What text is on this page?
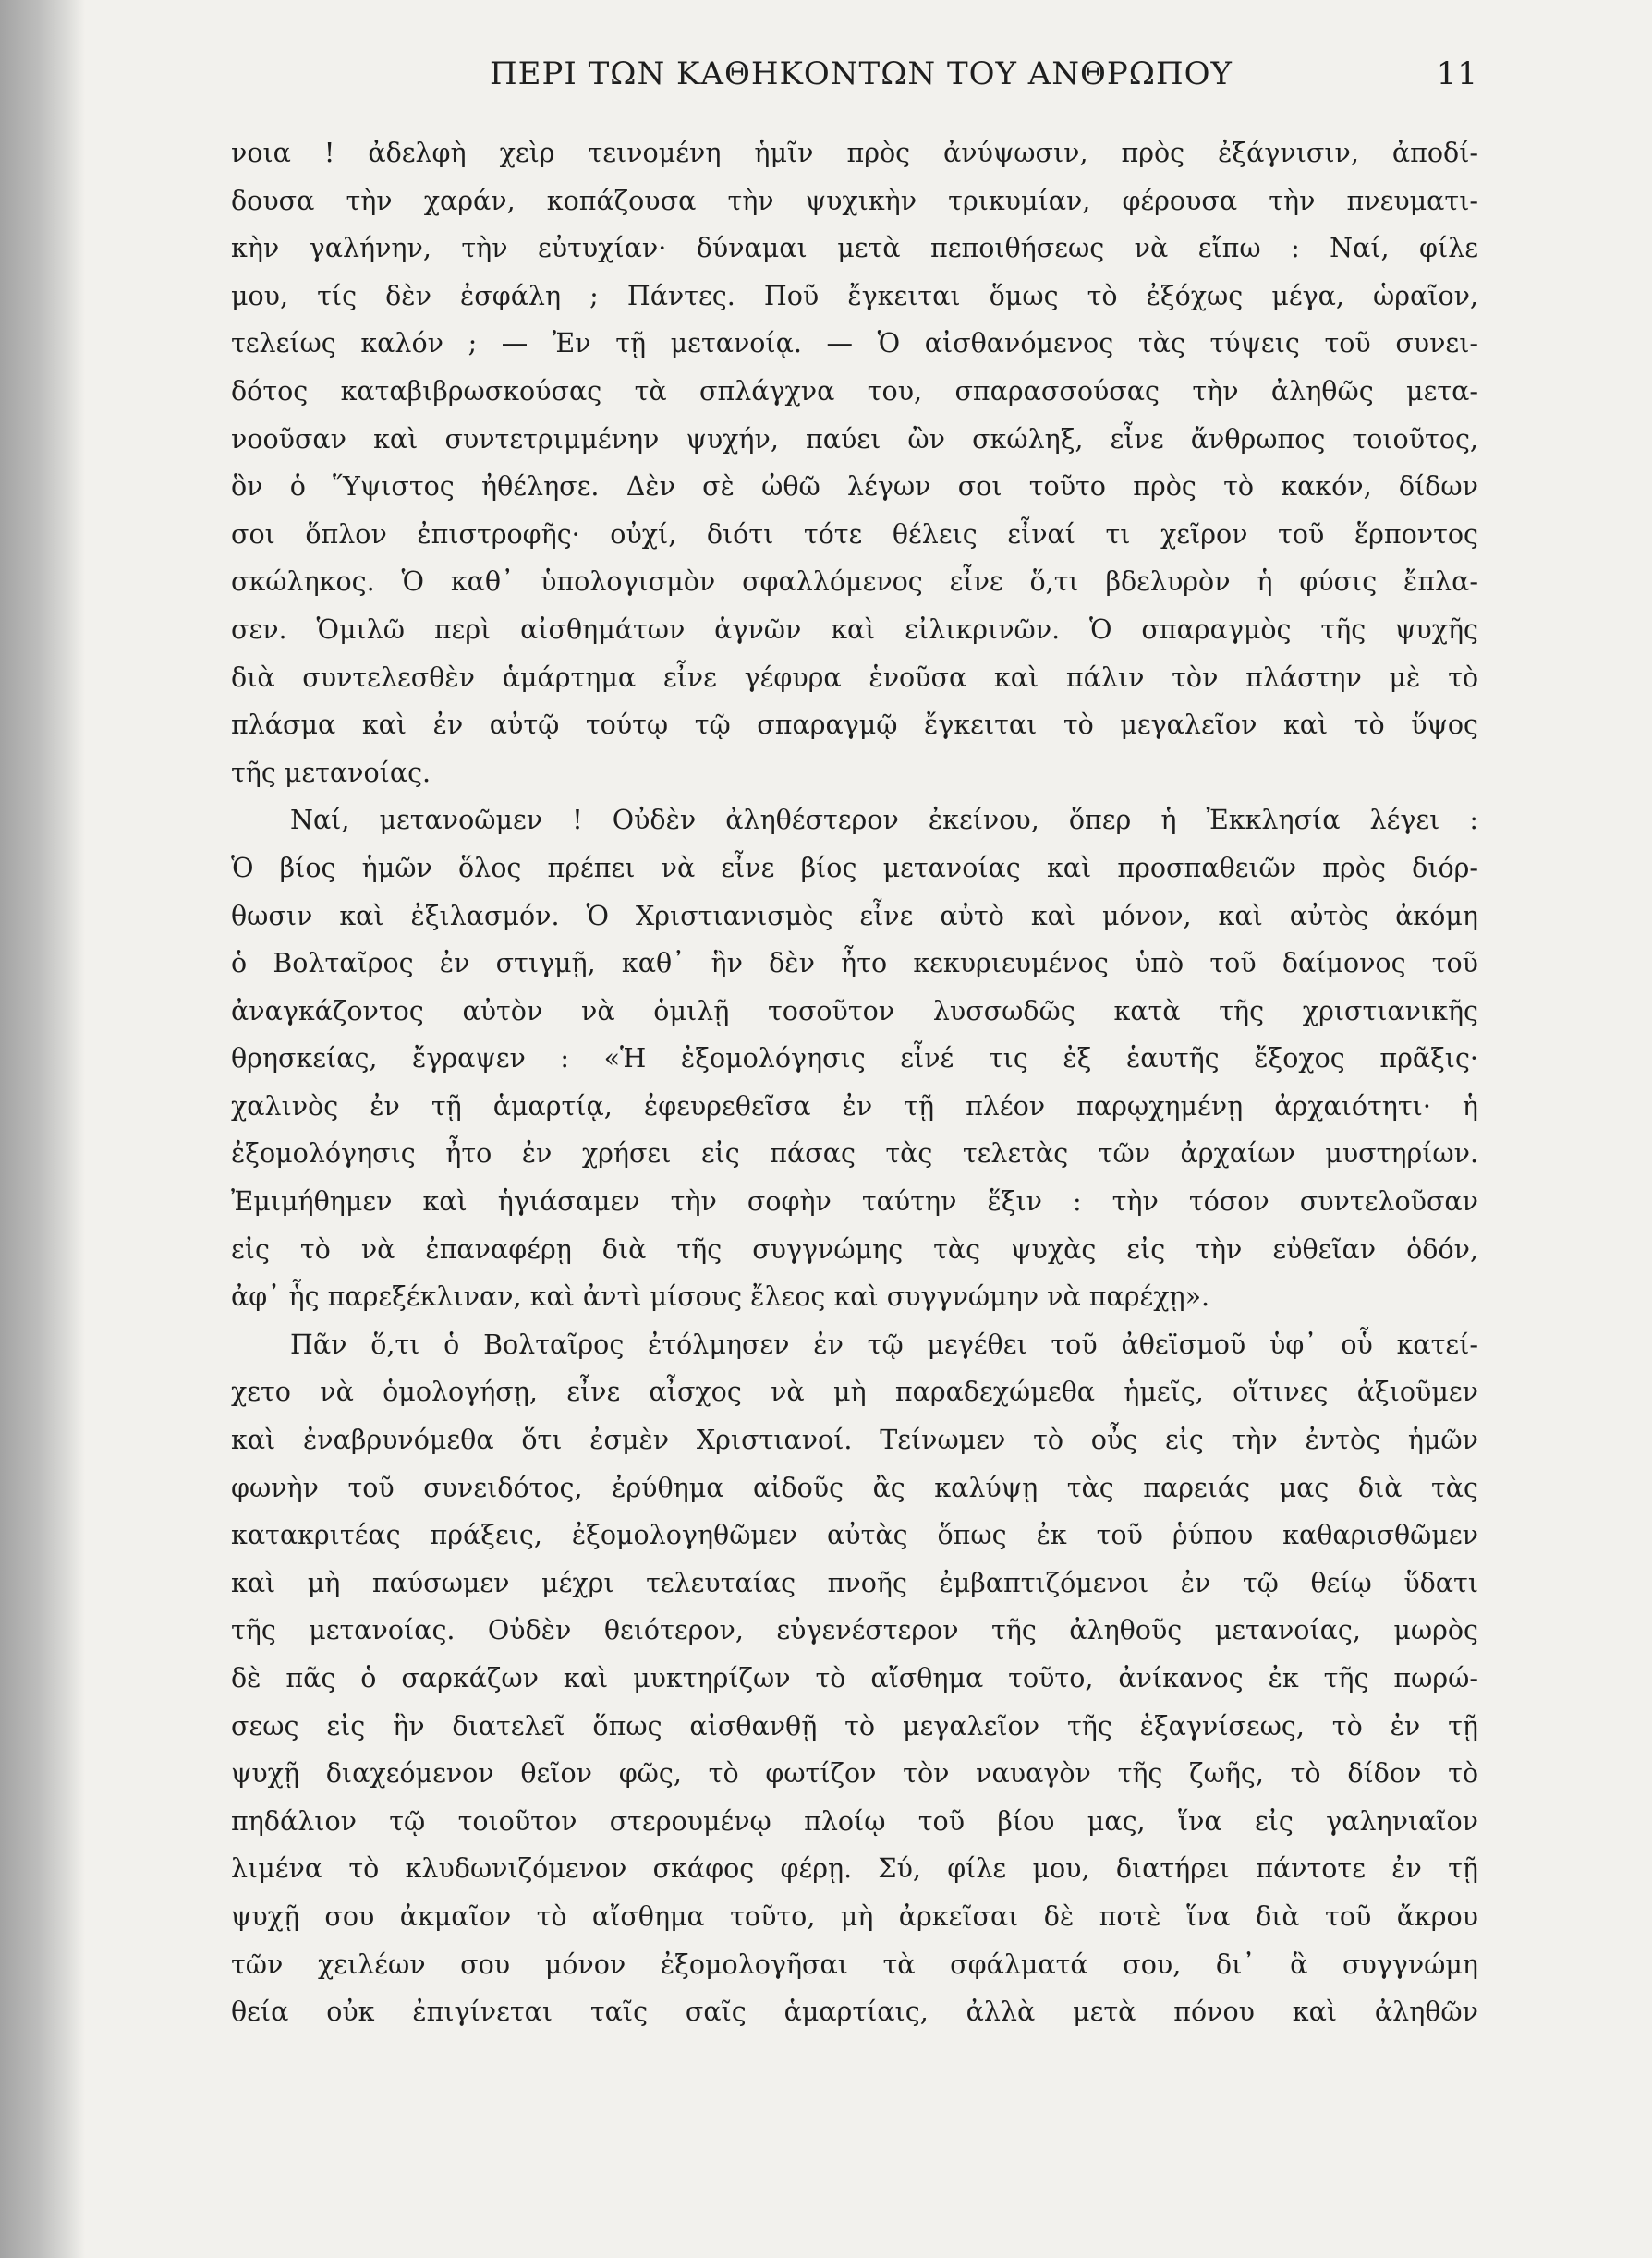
ΠΕΡΙ ΤΩΝ ΚΑΘΗΚΟΝΤΩΝ ΤΟΥ ΑΝΘΡΩΠΟΥ	11
νοια ! ἀδελφὴ χεὶρ τεινομένη ἡμῖν πρὸς ἀνύψωσιν, πρὸς ἐξάγνισιν, ἀποδί-
δουσα τὴν χαράν, κοπάζουσα τὴν ψυχικὴν τρικυμίαν, φέρουσα τὴν πνευματι-
κὴν γαλήνην, τὴν εὐτυχίαν· δύναμαι μετὰ πεποιθήσεως νὰ εἴπω : Ναί, φίλε
μου, τίς δὲν ἐσφάλη ; Πάντες. Ποῦ ἔγκειται ὅμως τὸ ἐξόχως μέγα, ὡραῖον,
τελείως καλόν ; — Ἐν τῇ μετανοίᾳ. — Ὁ αἰσθανόμενος τὰς τύψεις τοῦ συνει-
δότος καταβιβρωσκούσας τὰ σπλάγχνα του, σπαρασσούσας τὴν ἀληθῶς μετα-
νοοῦσαν καὶ συντετριμμένην ψυχήν, παύει ὢν σκώληξ, εἶνε ἄνθρωπος τοιοῦτος,
ὃν ὁ Ὕψιστος ἠθέλησε. Δὲν σὲ ὠθῶ λέγων σοι τοῦτο πρὸς τὸ κακόν, δίδων
σοι ὅπλον ἐπιστροφῆς· οὐχί, διότι τότε θέλεις εἶναί τι χεῖρον τοῦ ἕρποντος
σκώληκος. Ὁ καθ᾽ ὑπολογισμὸν σφαλλόμενος εἶνε ὅ,τι βδελυρὸν ἡ φύσις ἔπλα-
σεν. Ὁμιλῶ περὶ αἰσθημάτων ἁγνῶν καὶ εἰλικρινῶν. Ὁ σπαραγμὸς τῆς ψυχῆς
διὰ συντελεσθὲν ἁμάρτημα εἶνε γέφυρα ἑνοῦσα καὶ πάλιν τὸν πλάστην μὲ τὸ
πλάσμα καὶ ἐν αὐτῷ τούτῳ τῷ σπαραγμῷ ἔγκειται τὸ μεγαλεῖον καὶ τὸ ὕψος
τῆς μετανοίας.
Ναί, μετανοῶμεν ! Οὐδὲν ἀληθέστερον ἐκείνου, ὅπερ ἡ Ἐκκλησία λέγει :
Ὁ βίος ἡμῶν ὅλος πρέπει νὰ εἶνε βίος μετανοίας καὶ προσπαθειῶν πρὸς διόρ-
θωσιν καὶ ἐξιλασμόν. Ὁ Χριστιανισμὸς εἶνε αὐτὸ καὶ μόνον, καὶ αὐτὸς ἀκόμη
ὁ Βολταῖρος ἐν στιγμῇ, καθ᾽ ἣν δὲν ἦτο κεκυριευμένος ὑπὸ τοῦ δαίμονος τοῦ
ἀναγκάζοντος αὐτὸν νὰ ὁμιλῇ τοσοῦτον λυσσωδῶς κατὰ τῆς χριστιανικῆς
θρησκείας, ἔγραψεν : «Ἡ ἐξομολόγησις εἶνέ τις ἐξ ἑαυτῆς ἔξοχος πρᾶξις·
χαλινὸς ἐν τῇ ἁμαρτίᾳ, ἐφευρεθεῖσα ἐν τῇ πλέον παρῳχημένῃ ἀρχαιότητι· ἡ
ἐξομολόγησις ἦτο ἐν χρήσει εἰς πάσας τὰς τελετὰς τῶν ἀρχαίων μυστηρίων.
Ἐμιμήθημεν καὶ ἡγιάσαμεν τὴν σοφὴν ταύτην ἕξιν : τὴν τόσον συντελοῦσαν
εἰς τὸ νὰ ἐπαναφέρῃ διὰ τῆς συγγνώμης τὰς ψυχὰς εἰς τὴν εὐθεῖαν ὁδόν,
ἀφ᾽ ἧς παρεξέκλιναν, καὶ ἀντὶ μίσους ἔλεος καὶ συγγνώμην νὰ παρέχῃ».
Πᾶν ὅ,τι ὁ Βολταῖρος ἐτόλμησεν ἐν τῷ μεγέθει τοῦ ἀθεϊσμοῦ ὑφ᾽ οὗ κατεί-
χετο νὰ ὁμολογήσῃ, εἶνε αἶσχος νὰ μὴ παραδεχώμεθα ἡμεῖς, οἵτινες ἀξιοῦμεν
καὶ ἐναβρυνόμεθα ὅτι ἐσμὲν Χριστιανοί. Τείνωμεν τὸ οὖς εἰς τὴν ἐντὸς ἡμῶν
φωνὴν τοῦ συνειδότος, ἐρύθημα αἰδοῦς ἂς καλύψῃ τὰς παρειάς μας διὰ τὰς
κατακριτέας πράξεις, ἐξομολογηθῶμεν αὐτὰς ὅπως ἐκ τοῦ ῥύπου καθαρισθῶμεν
καὶ μὴ παύσωμεν μέχρι τελευταίας πνοῆς ἐμβαπτιζόμενοι ἐν τῷ θείῳ ὕδατι
τῆς μετανοίας. Οὐδὲν θειότερον, εὐγενέστερον τῆς ἀληθοῦς μετανοίας, μωρὸς
δὲ πᾶς ὁ σαρκάζων καὶ μυκτηρίζων τὸ αἴσθημα τοῦτο, ἀνίκανος ἐκ τῆς πωρώ-
σεως εἰς ἣν διατελεῖ ὅπως αἰσθανθῇ τὸ μεγαλεῖον τῆς ἐξαγνίσεως, τὸ ἐν τῇ
ψυχῇ διαχεόμενον θεῖον φῶς, τὸ φωτίζον τὸν ναυαγὸν τῆς ζωῆς, τὸ δίδον τὸ
πηδάλιον τῷ τοιοῦτον στερουμένῳ πλοίῳ τοῦ βίου μας, ἵνα εἰς γαληνιαῖον
λιμένα τὸ κλυδωνιζόμενον σκάφος φέρῃ. Σύ, φίλε μου, διατήρει πάντοτε ἐν τῇ
ψυχῇ σου ἀκμαῖον τὸ αἴσθημα τοῦτο, μὴ ἀρκεῖσαι δὲ ποτὲ ἵνα διὰ τοῦ ἄκρου
τῶν χειλέων σου μόνον ἐξομολογῆσαι τὰ σφάλματά σου, δι᾽ ἃ συγγνώμη
θεία οὐκ ἐπιγίνεται ταῖς σαῖς ἁμαρτίαις, ἀλλὰ μετὰ πόνου καὶ ἀληθῶν
